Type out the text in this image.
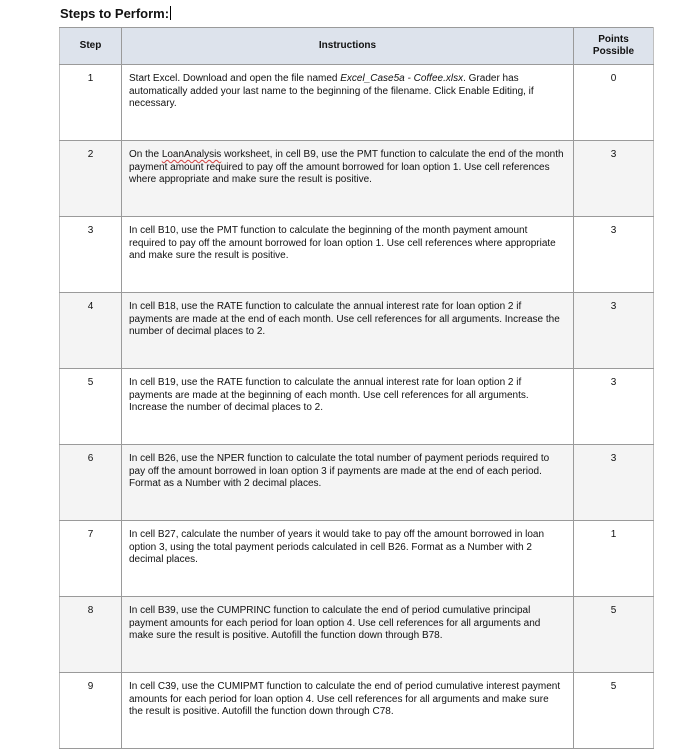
Steps to Perform:
Step	Instructions	Points Possible
1	Start Excel. Download and open the file named Excel_Case5a - Coffee.xlsx. Grader has automatically added your last name to the beginning of the filename. Click Enable Editing, if necessary.	0
2	On the LoanAnalysis worksheet, in cell B9, use the PMT function to calculate the end of the month payment amount required to pay off the amount borrowed for loan option 1. Use cell references where appropriate and make sure the result is positive.	3
3	In cell B10, use the PMT function to calculate the beginning of the month payment amount required to pay off the amount borrowed for loan option 1. Use cell references where appropriate and make sure the result is positive.	3
4	In cell B18, use the RATE function to calculate the annual interest rate for loan option 2 if payments are made at the end of each month. Use cell references for all arguments. Increase the number of decimal places to 2.	3
5	In cell B19, use the RATE function to calculate the annual interest rate for loan option 2 if payments are made at the beginning of each month. Use cell references for all arguments. Increase the number of decimal places to 2.	3
6	In cell B26, use the NPER function to calculate the total number of payment periods required to pay off the amount borrowed in loan option 3 if payments are made at the end of each period. Format as a Number with 2 decimal places.	3
7	In cell B27, calculate the number of years it would take to pay off the amount borrowed in loan option 3, using the total payment periods calculated in cell B26. Format as a Number with 2 decimal places.	1
8	In cell B39, use the CUMPRINC function to calculate the end of period cumulative principal payment amounts for each period for loan option 4. Use cell references for all arguments and make sure the result is positive. Autofill the function down through B78.	5
9	In cell C39, use the CUMIPMT function to calculate the end of period cumulative interest payment amounts for each period for loan option 4. Use cell references for all arguments and make sure the result is positive. Autofill the function down through C78.	5
